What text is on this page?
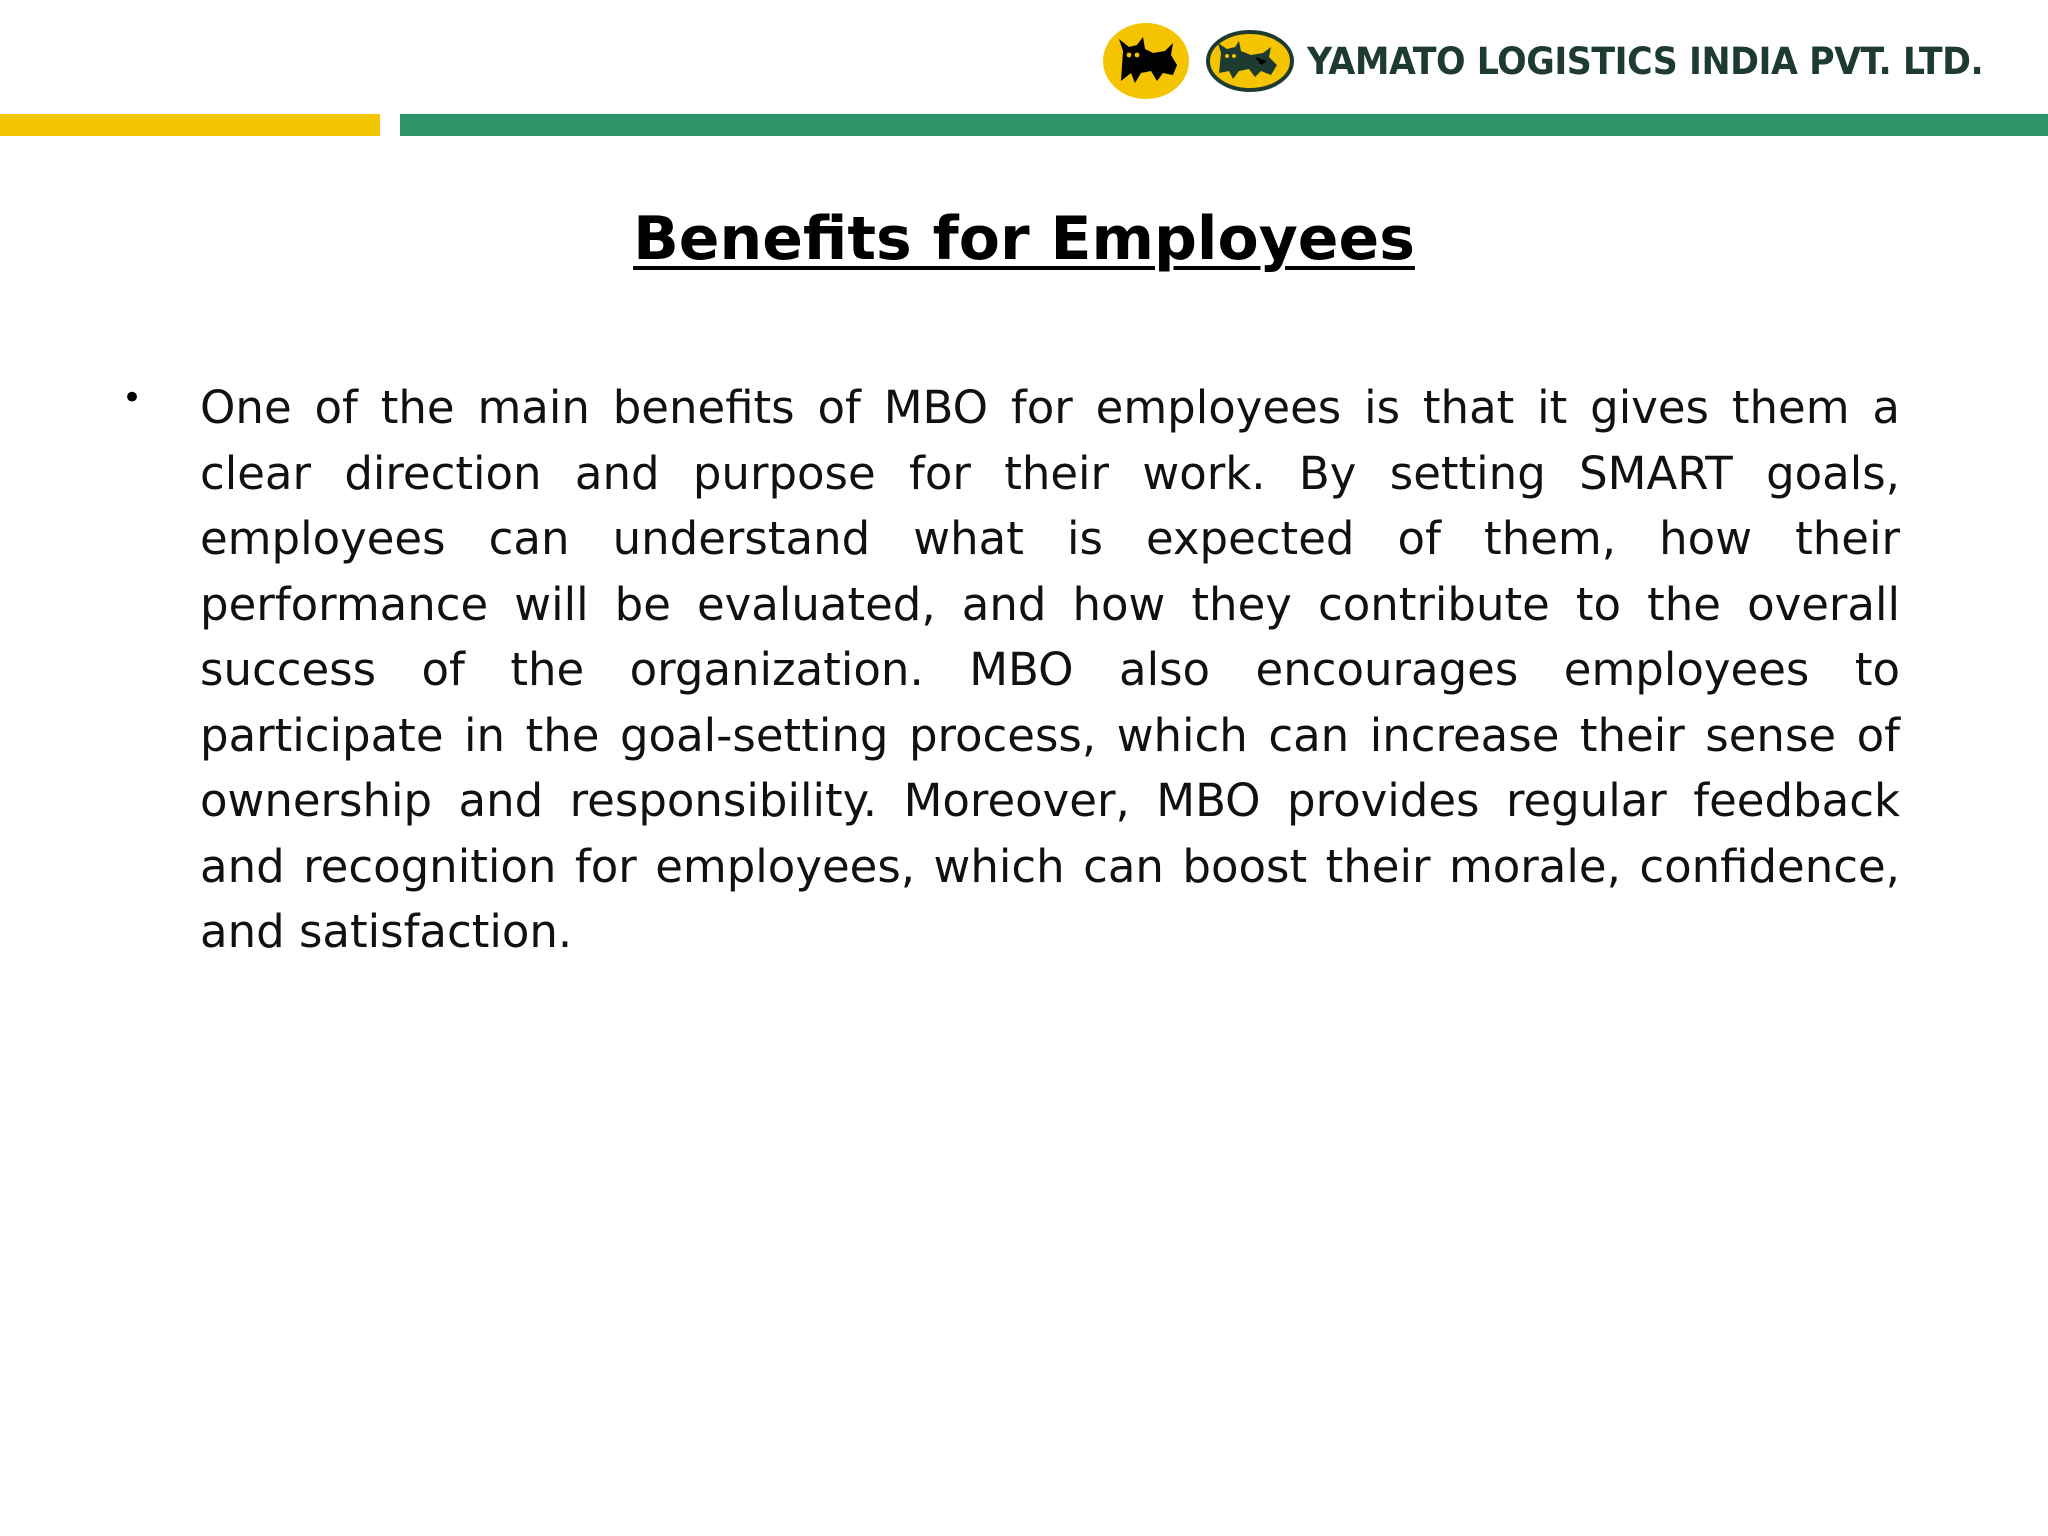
YAMATO LOGISTICS INDIA PVT. LTD.
Benefits for Employees
•	One of the main benefits of MBO for employees is that it gives them a clear direction and purpose for their work. By setting SMART goals, employees can understand what is expected of them, how their performance will be evaluated, and how they contribute to the overall success of the organization. MBO also encourages employees to participate in the goal-setting process, which can increase their sense of ownership and responsibility. Moreover, MBO provides regular feedback and recognition for employees, which can boost their morale, confidence, and satisfaction.
